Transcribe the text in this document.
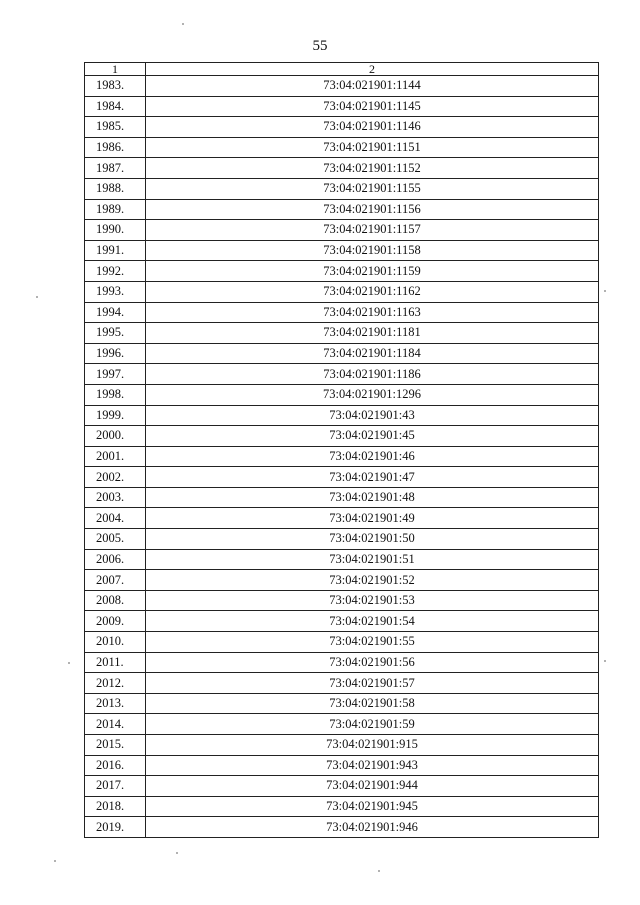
55
1	2
1983.	73:04:021901:1144
1984.	73:04:021901:1145
1985.	73:04:021901:1146
1986.	73:04:021901:1151
1987.	73:04:021901:1152
1988.	73:04:021901:1155
1989.	73:04:021901:1156
1990.	73:04:021901:1157
1991.	73:04:021901:1158
1992.	73:04:021901:1159
1993.	73:04:021901:1162
1994.	73:04:021901:1163
1995.	73:04:021901:1181
1996.	73:04:021901:1184
1997.	73:04:021901:1186
1998.	73:04:021901:1296
1999.	73:04:021901:43
2000.	73:04:021901:45
2001.	73:04:021901:46
2002.	73:04:021901:47
2003.	73:04:021901:48
2004.	73:04:021901:49
2005.	73:04:021901:50
2006.	73:04:021901:51
2007.	73:04:021901:52
2008.	73:04:021901:53
2009.	73:04:021901:54
2010.	73:04:021901:55
2011.	73:04:021901:56
2012.	73:04:021901:57
2013.	73:04:021901:58
2014.	73:04:021901:59
2015.	73:04:021901:915
2016.	73:04:021901:943
2017.	73:04:021901:944
2018.	73:04:021901:945
2019.	73:04:021901:946
